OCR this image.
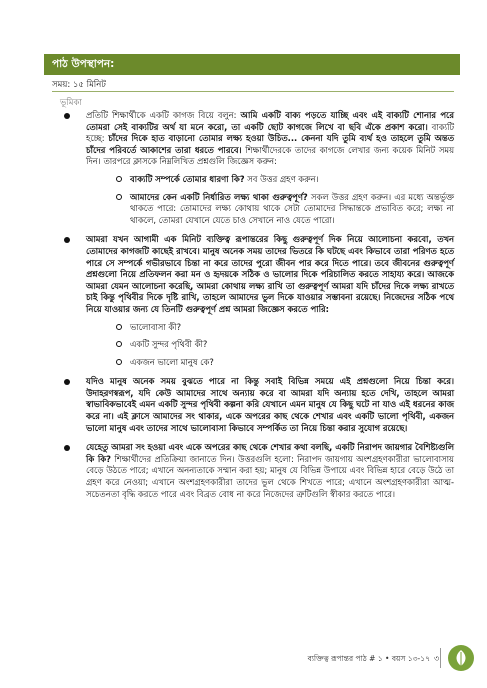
পাঠ উপস্থাপন:
সময়: ১৫ মিনিট
ভূমিকা
প্রতিটি শিক্ষার্থীকে একটি কাগজ বিয়ে বলুন: আমি একটি বাক্য পড়তে যাচ্ছি এবং এই বাক্যটি শোনার পরে তোমরা সেই বাক্যটির অর্থ যা মনে করো, তা একটি ছোট কাগজে লিখে বা ছবি এঁকে প্রকাশ করো। বাক্যটি হচ্ছে: চাঁদের দিকে হাত বাড়ানো তোমার লক্ষ্য হওয়া উচিত... কেননা যদি তুমি ব্যর্থ হও তাহলে তুমি অন্তত চাঁদের পরিবর্তে আকাশের তারা ধরতে পারবে। শিক্ষার্থীদেরকে তাদের কাগজে লেখার জন্য কয়েক মিনিট সময় দিন। তারপরে ক্লাসকে নিম্নলিখিত প্রশ্নগুলি জিজ্ঞেস করুন:
বাক্যটি সম্পর্কে তোমার ধারণা কি? সব উত্তর গ্রহণ করুন।
আমাদের কেন একটি নির্ধারিত লক্ষ্য থাকা গুরুত্বপূর্ণ? সকল উত্তর গ্রহণ করুন। এর মধ্যে অন্তর্ভুক্ত থাকতে পারে: তোমাদের লক্ষ্য কোথায় থাকে সেটা তোমাদের সিদ্ধান্তকে প্রভাবিত করে; লক্ষ্য না থাকলে, তোমরা যেখানে যেতে চাও সেখানে নাও যেতে পারো।
আমরা যখন আগামী এক মিনিট ব্যক্তিত্ব রূপান্তরের কিছু গুরুত্বপূর্ণ দিক নিয়ে আলোচনা করবো, তখন তোমাদের কাগজটি কাছেই রাখবে। মানুষ অনেক সময় তাদের ভিতরে কি ঘটছে এবং কিভাবে তারা পরিণত হতে পারে সে সম্পর্কে গভীরভাবে চিন্তা না করে তাদের পুরো জীবন পার করে দিতে পারে। তবে জীবনের গুরুত্বপূর্ণ প্রশ্নগুলো নিয়ে প্রতিফলন করা মন ও হৃদয়কে সঠিক ও ভালোর দিকে পরিচালিত করতে সাহায্য করে। আজকে আমরা যেমন আলোচনা করেছি, আমরা কোথায় লক্ষ্য রাখি তা গুরুত্বপূর্ণ আমরা যদি চাঁদের দিকে লক্ষ্য রাখতে চাই কিন্তু পৃথিবীর দিকে দৃষ্টি রাখি, তাহলে আমাদের ভুল দিকে যাওয়ার সম্ভাবনা রয়েছে। নিজেদের সঠিক পথে নিয়ে যাওয়ার জন্য যে তিনটি গুরুত্বপূর্ণ প্রশ্ন আমরা জিজ্ঞেস করতে পারি:
ভালোবাসা কী?
একটি সুন্দর পৃথিবী কী?
একজন ভালো মানুষ কে?
যদিও মানুষ অনেক সময় বুঝতে পারে না কিন্তু সবাই বিভিন্ন সময়ে এই প্রশ্নগুলো নিয়ে চিন্তা করে। উদাহরণস্বরূপ, যদি কেউ আমাদের সাথে অন্যায় করে বা আমরা যদি অন্যায় হতে দেখি, তাহলে আমরা স্বাভাবিকভাবেই এমন একটি সুন্দর পৃথিবী কল্পনা করি যেখানে এমন মানুষ যে কিছু ঘটে না যাও এই ধরনের কাজ করে না। এই ক্লাসে আমাদের সং থাকার, একে অপরের কাছ থেকে শেখার এবং একটি ভালো পৃথিবী, একজন ভালো মানুষ এবং তাদের সাথে ভালোবাসা কিভাবে সম্পর্কিত তা নিয়ে চিন্তা করার সুযোগ রয়েছে।
যেহেতু আমরা সং হওয়া এবং একে অপরের কাছ থেকে শেখার কথা বলছি, একটি নিরাপদ জায়গার বৈশিষ্ট্যগুলি কি কি? শিক্ষার্থীদের প্রতিক্রিয়া জানাতে দিন। উত্তরগুলি হলো: নিরাপদ জায়গায় অংশগ্রহণকারীরা ভালোবাসায় বেড়ে উঠতে পারে; এখানে অনন্যতাকে সম্মান করা হয়; মানুষ যে বিভিন্ন উপায়ে এবং বিভিন্ন হারে বেড়ে উঠে তা গ্রহণ করে নেওয়া; এখানে অংশগ্রহণকারীরা তাদের ভুল থেকে শিখতে পারে; এখানে অংশগ্রহণকারীরা আত্ম-সচেতনতা বৃদ্ধি করতে পারে এবং বিব্রত বোধ না করে নিজেদের ত্রুটিগুলি স্বীকার করতে পারে।
ব্যক্তিত্ব রূপান্তর পাঠ # ১ • বয়স ১৩-১৭ ৩
